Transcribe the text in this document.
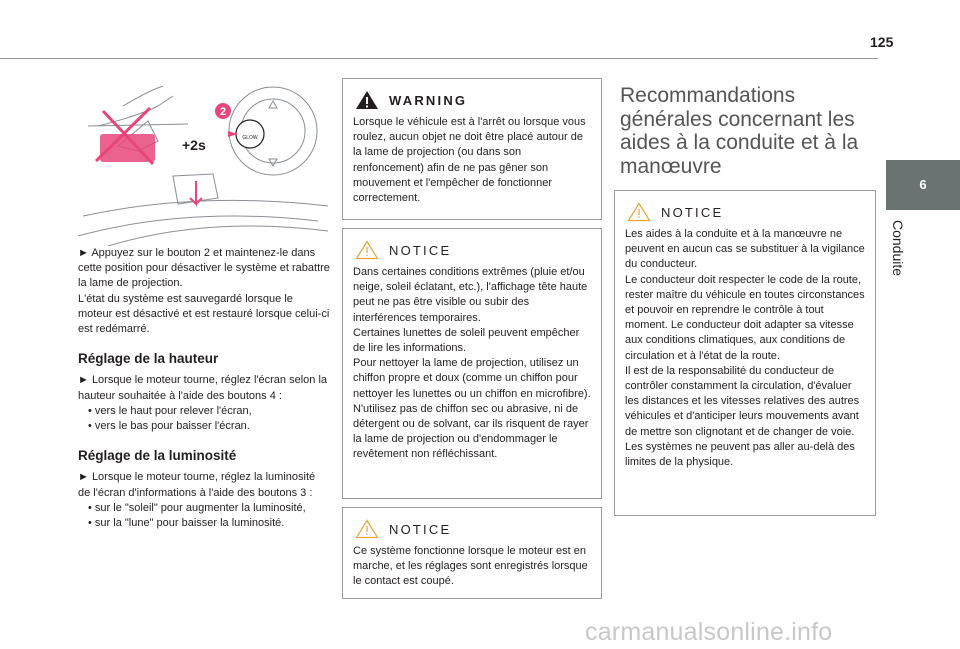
125
6
Conduite
2
+2s	GLOW

► Appuyez sur le bouton 2 et maintenez-le dans cette position pour désactiver le système et rabattre la lame de projection.

L'état du système est sauvegardé lorsque le moteur est désactivé et est restauré lorsque celui-ci est redémarré.

Réglage de la hauteur

► Lorsque le moteur tourne, réglez l'écran selon la hauteur souhaitée à l'aide des boutons 4 :

• vers le haut pour relever l'écran,

• vers le bas pour baisser l'écran.

Réglage de la luminosité

► Lorsque le moteur tourne, réglez la luminosité de l'écran d'informations à l'aide des boutons 3 :

• sur le "soleil" pour augmenter la luminosité,

• sur la "lune" pour baisser la luminosité.

WARNING

Lorsque le véhicule est à l'arrêt ou lorsque vous roulez, aucun objet ne doit être placé autour de la lame de projection (ou dans son renfoncement) afin de ne pas gêner son mouvement et l'empêcher de fonctionner correctement.

NOTICE

Dans certaines conditions extrêmes (pluie et/ou neige, soleil éclatant, etc.), l'affichage tête haute peut ne pas être visible ou subir des interférences temporaires.

Certaines lunettes de soleil peuvent empêcher de lire les informations.

Pour nettoyer la lame de projection, utilisez un chiffon propre et doux (comme un chiffon pour nettoyer les lunettes ou un chiffon en microfibre). N'utilisez pas de chiffon sec ou abrasive, ni de détergent ou de solvant, car ils risquent de rayer la lame de projection ou d'endommager le revêtement non réfléchissant.

NOTICE

Ce système fonctionne lorsque le moteur est en marche, et les réglages sont enregistrés lorsque le contact est coupé.

Recommandations générales concernant les aides à la conduite et à la manœuvre
NOTICE

Les aides à la conduite et à la manœuvre ne peuvent en aucun cas se substituer à la vigilance du conducteur.

Le conducteur doit respecter le code de la route, rester maître du véhicule en toutes circonstances et pouvoir en reprendre le contrôle à tout moment. Le conducteur doit adapter sa vitesse aux conditions climatiques, aux conditions de circulation et à l'état de la route.

Il est de la responsabilité du conducteur de contrôler constamment la circulation, d'évaluer les distances et les vitesses relatives des autres véhicules et d'anticiper leurs mouvements avant de mettre son clignotant et de changer de voie.

Les systèmes ne peuvent pas aller au-delà des limites de la physique.

carmanualsonline.info
